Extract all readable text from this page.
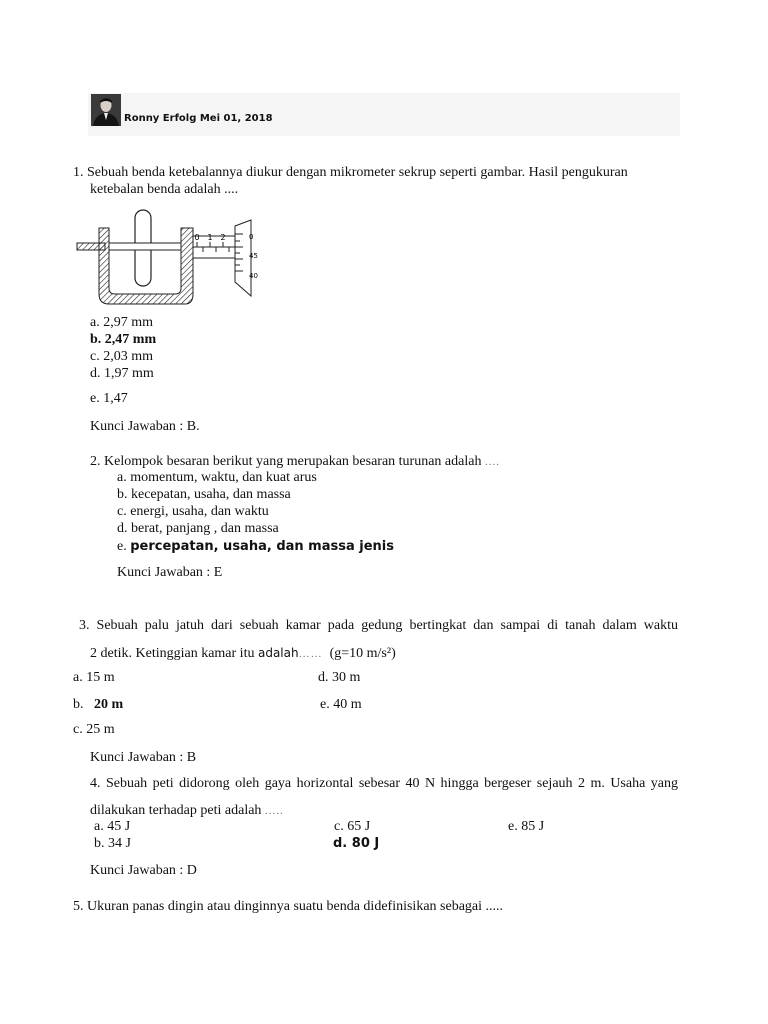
Ronny Erfolg Mei 01, 2018
1. Sebuah benda ketebalannya diukur dengan mikrometer sekrup seperti gambar. Hasil pengukuran
ketebalan benda adalah ....
0 1 2	0
45
40
a. 2,97 mm
b. 2,47 mm
c. 2,03 mm
d. 1,97 mm
e. 1,47
Kunci Jawaban : B.
2. Kelompok besaran berikut yang merupakan besaran turunan adalah ....
a. momentum, waktu, dan kuat arus
b. kecepatan, usaha, dan massa
c. energi, usaha, dan waktu
d. berat, panjang , dan massa
e. percepatan, usaha, dan massa jenis
Kunci Jawaban : E
3. Sebuah palu jatuh dari sebuah kamar pada gedung bertingkat dan sampai di tanah dalam waktu
2 detik. Ketinggian kamar itu adalah…… (g=10 m/s²)
a. 15 m	d. 30 m
b. 20 m	e. 40 m
c. 25 m
Kunci Jawaban : B
4. Sebuah peti didorong oleh gaya horizontal sebesar 40 N hingga bergeser sejauh 2 m. Usaha yang
dilakukan terhadap peti adalah .....
a. 45 J	c. 65 J	e. 85 J
b. 34 J	d. 80 J
Kunci Jawaban : D
5. Ukuran panas dingin atau dinginnya suatu benda didefinisikan sebagai .....
